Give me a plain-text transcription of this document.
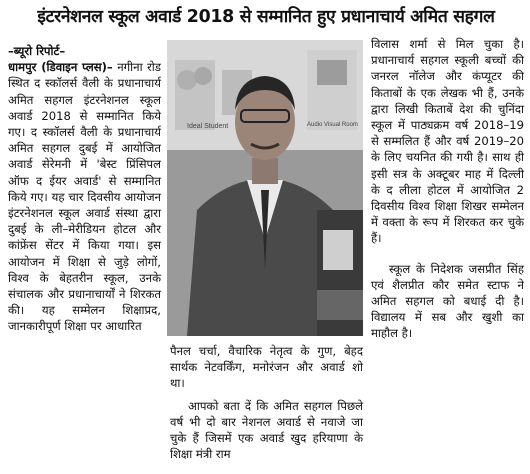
इंटरनेशनल स्कूल अवार्ड 2018 से सम्मानित हुए प्रधानाचार्य अमित सहगल

–ब्यूरो रिपोर्ट–

धामपुर (डिवाइन प्लस)– नगीना रोड स्थित द स्कॉलर्स वैली के प्रधानाचार्य अमित सहगल इंटरनेशनल स्कूल अवार्ड 2018 से सम्मानित किये गए। द स्कॉलर्स वैली के प्रधानाचार्य अमित सहगल दुबई में आयोजित अवार्ड सेरेमनी में 'बेस्ट प्रिंसिपल ऑफ द ईयर अवार्ड' से सम्मानित किये गए। यह चार दिवसीय आयोजन इंटरनेशनल स्कूल अवार्ड संस्था द्वारा दुबई के ली–मेरीडियन होटल और कांफ्रेंस सेंटर में किया गया। इस आयोजन में शिक्षा से जुड़े लोगों, विश्व के बेहतरीन स्कूल, उनके संचालक और प्रधानाचार्यों ने शिरकत की। यह सम्मेलन शिक्षाप्रद, जानकारीपूर्ण शिक्षा पर आधारित

Ideal Student	Audio Visual Room

पैनल चर्चा, वैचारिक नेतृत्व के गुण, बेहद सार्थक नेटवर्किंग, मनोरंजन और अवार्ड शो था।

आपको बता दें कि अमित सहगल पिछले वर्ष भी दो बार नेशनल अवार्ड से नवाजे जा चुके हैं जिसमें एक अवार्ड खुद हरियाणा के शिक्षा मंत्री राम

विलास शर्मा से मिल चुका है। प्रधानाचार्य सहगल स्कूली बच्चों की जनरल नॉलेज और कंप्यूटर की किताबों के एक लेखक भी हैं, उनके द्वारा लिखी किताबें देश की चुनिंदा स्कूल में पाठ्यक्रम वर्ष 2018–19 से सम्मलित हैं और वर्ष 2019–20 के लिए चयनित की गयी है। साथ ही इसी सत्र के अक्टूबर माह में दिल्ली के द लीला होटल में आयोजित 2 दिवसीय विश्व शिक्षा शिखर सम्मेलन में वक्ता के रूप में शिरकत कर चुके हैं।

स्कूल के निदेशक जसप्रीत सिंह एवं शैलप्रीत कौर समेत स्टाफ ने अमित सहगल को बधाई दी है। विद्यालय में सब और खुशी का माहौल है।
